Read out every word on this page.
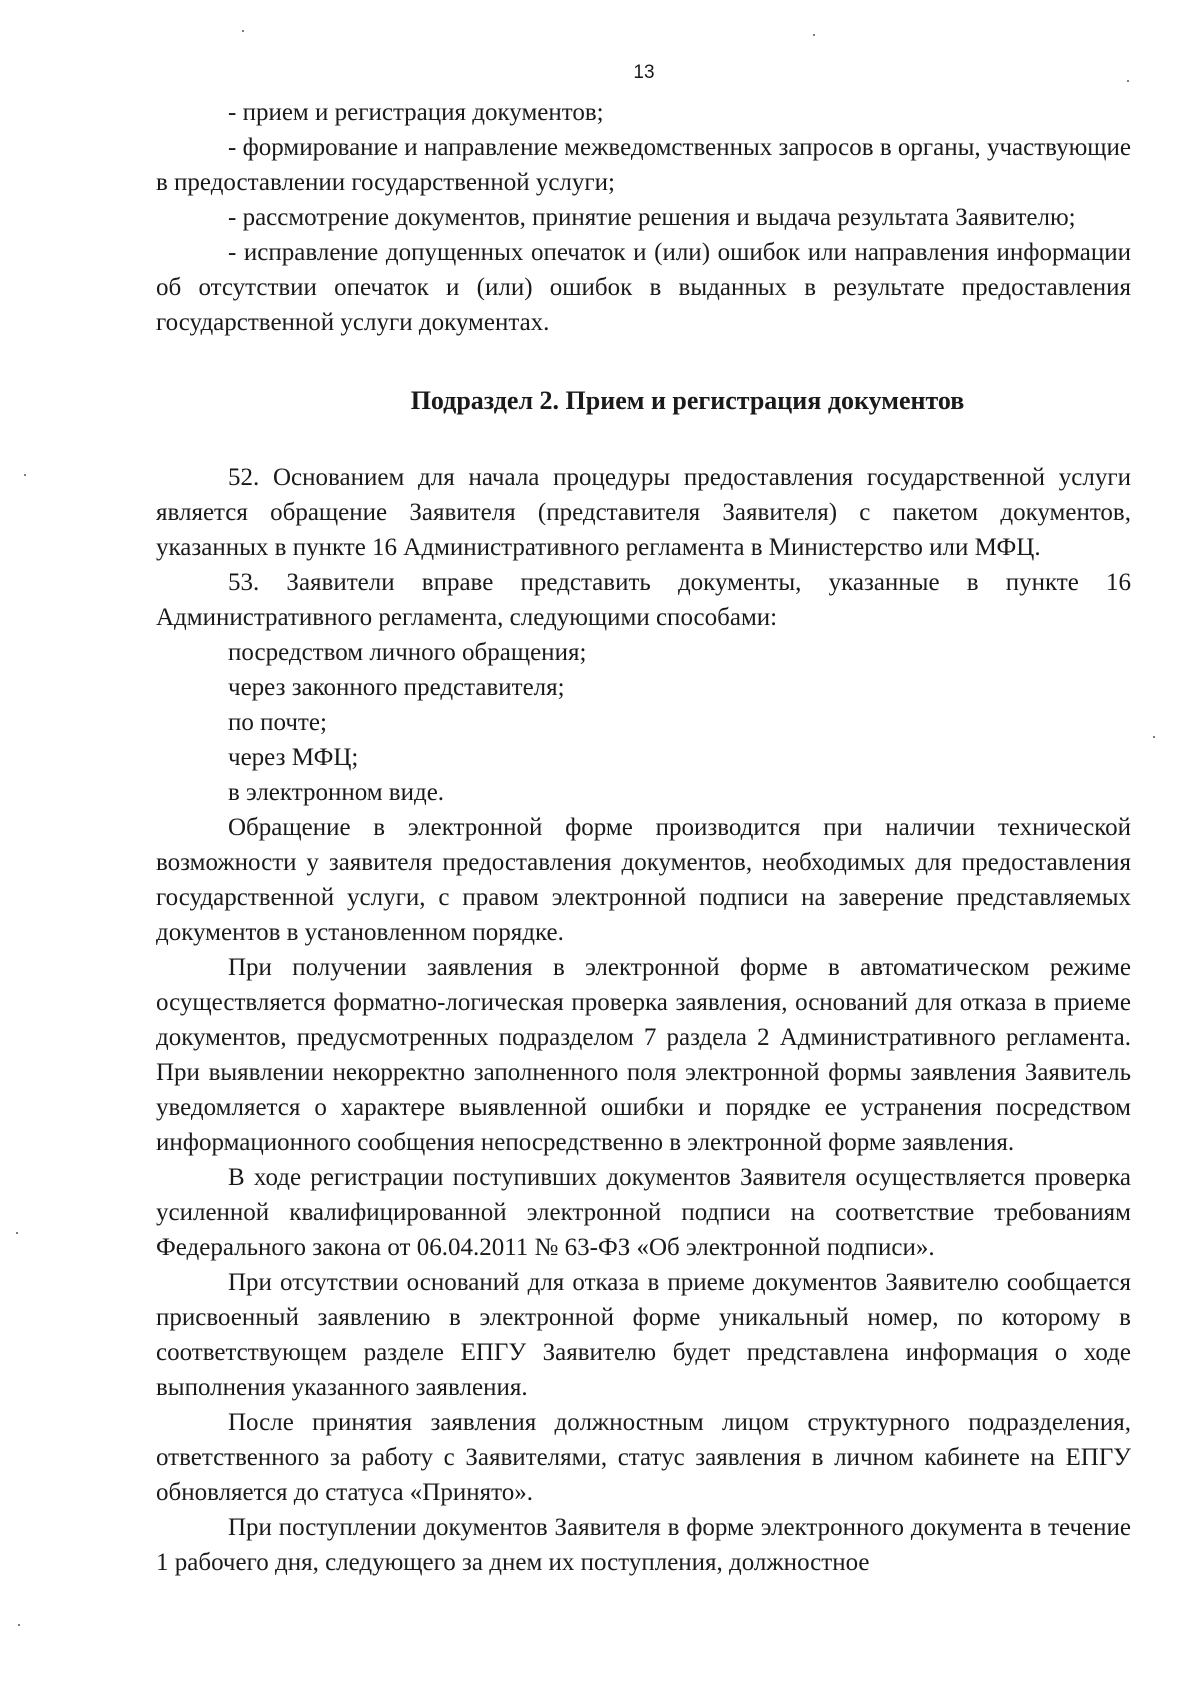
13

- прием и регистрация документов;

- формирование и направление межведомственных запросов в органы, участвующие в предоставлении государственной услуги;

- рассмотрение документов, принятие решения и выдача результата Заявителю;

- исправление допущенных опечаток и (или) ошибок или направления информации об отсутствии опечаток и (или) ошибок в выданных в результате предоставления государственной услуги документах.

Подраздел 2. Прием и регистрация документов

52. Основанием для начала процедуры предоставления государственной услуги является обращение Заявителя (представителя Заявителя) с пакетом документов, указанных в пункте 16 Административного регламента в Министерство или МФЦ.

53. Заявители вправе представить документы, указанные в пункте 16 Административного регламента, следующими способами:

посредством личного обращения;

через законного представителя;

по почте;

через МФЦ;

в электронном виде.

Обращение в электронной форме производится при наличии технической возможности у заявителя предоставления документов, необходимых для предоставления государственной услуги, с правом электронной подписи на заверение представляемых документов в установленном порядке.

При получении заявления в электронной форме в автоматическом режиме осуществляется форматно-логическая проверка заявления, оснований для отказа в приеме документов, предусмотренных подразделом 7 раздела 2 Административного регламента. При выявлении некорректно заполненного поля электронной формы заявления Заявитель уведомляется о характере выявленной ошибки и порядке ее устранения посредством информационного сообщения непосредственно в электронной форме заявления.

В ходе регистрации поступивших документов Заявителя осуществляется проверка усиленной квалифицированной электронной подписи на соответствие требованиям Федерального закона от 06.04.2011 № 63-ФЗ «Об электронной подписи».

При отсутствии оснований для отказа в приеме документов Заявителю сообщается присвоенный заявлению в электронной форме уникальный номер, по которому в соответствующем разделе ЕПГУ Заявителю будет представлена информация о ходе выполнения указанного заявления.

После принятия заявления должностным лицом структурного подразделения, ответственного за работу с Заявителями, статус заявления в личном кабинете на ЕПГУ обновляется до статуса «Принято».

При поступлении документов Заявителя в форме электронного документа в течение 1 рабочего дня, следующего за днем их поступления, должностное
